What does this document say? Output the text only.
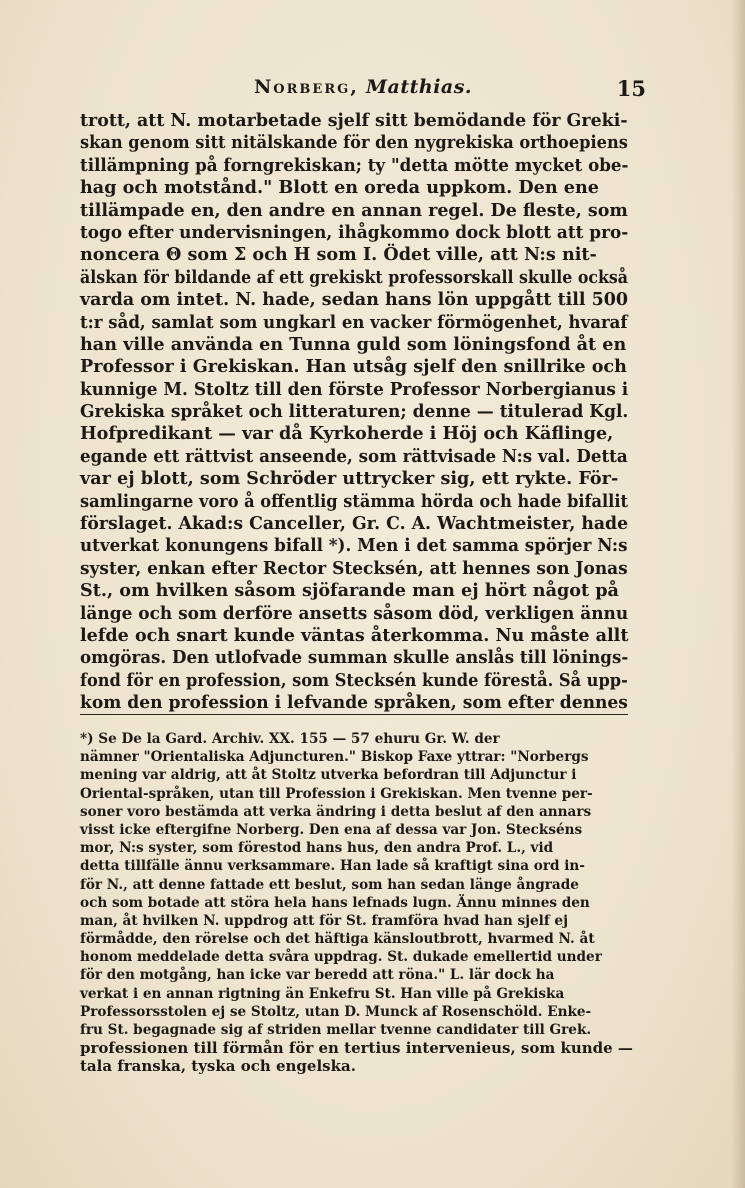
Norberg, Matthias.	15
trott, att N. motarbetade sjelf sitt bemödande för Greki-
skan genom sitt nitälskande för den nygrekiska orthoepiens
tillämpning på forngrekiskan; ty "detta mötte mycket obe-
hag och motstånd." Blott en oreda uppkom. Den ene
tillämpade en, den andre en annan regel. De fleste, som
togo efter undervisningen, ihågkommo dock blott att pro-
noncera Θ som Σ och Η som Ι. Ödet ville, att N:s nit-
älskan för bildande af ett grekiskt professorskall skulle också
varda om intet. N. hade, sedan hans lön uppgått till 500
t:r såd, samlat som ungkarl en vacker förmögenhet, hvaraf
han ville använda en Tunna guld som löningsfond åt en
Professor i Grekiskan. Han utsåg sjelf den snillrike och
kunnige M. Stoltz till den förste Professor Norbergianus i
Grekiska språket och litteraturen; denne — titulerad Kgl.
Hofpredikant — var då Kyrkoherde i Höj och Käflinge,
egande ett rättvist anseende, som rättvisade N:s val. Detta
var ej blott, som Schröder uttrycker sig, ett rykte. För-
samlingarne voro å offentlig stämma hörda och hade bifallit
förslaget. Akad:s Canceller, Gr. C. A. Wachtmeister, hade
utverkat konungens bifall *). Men i det samma spörjer N:s
syster, enkan efter Rector Stecksén, att hennes son Jonas
St., om hvilken såsom sjöfarande man ej hört något på
länge och som derföre ansetts såsom död, verkligen ännu
lefde och snart kunde väntas återkomma. Nu måste allt
omgöras. Den utlofvade summan skulle anslås till lönings-
fond för en profession, som Stecksén kunde förestå. Så upp-
kom den profession i lefvande språken, som efter dennes
*) Se De la Gard. Archiv. XX. 155 — 57 ehuru Gr. W. der
nämner "Orientaliska Adjuncturen." Biskop Faxe yttrar: "Norbergs
mening var aldrig, att åt Stoltz utverka befordran till Adjunctur i
Oriental-språken, utan till Profession i Grekiskan. Men tvenne per-
soner voro bestämda att verka ändring i detta beslut af den annars
visst icke eftergifne Norberg. Den ena af dessa var Jon. Steckséns
mor, N:s syster, som förestod hans hus, den andra Prof. L., vid
detta tillfälle ännu verksammare. Han lade så kraftigt sina ord in-
för N., att denne fattade ett beslut, som han sedan länge ångrade
och som botade att störa hela hans lefnads lugn. Ännu minnes den
man, åt hvilken N. uppdrog att för St. framföra hvad han sjelf ej
förmådde, den rörelse och det häftiga känsloutbrott, hvarmed N. åt
honom meddelade detta svåra uppdrag. St. dukade emellertid under
för den motgång, han icke var beredd att röna." L. lär dock ha
verkat i en annan rigtning än Enkefru St. Han ville på Grekiska
Professorsstolen ej se Stoltz, utan D. Munck af Rosenschöld. Enke-
fru St. begagnade sig af striden mellar tvenne candidater till Grek.
professionen till förmån för en tertius intervenieus, som kunde —
tala franska, tyska och engelska.
